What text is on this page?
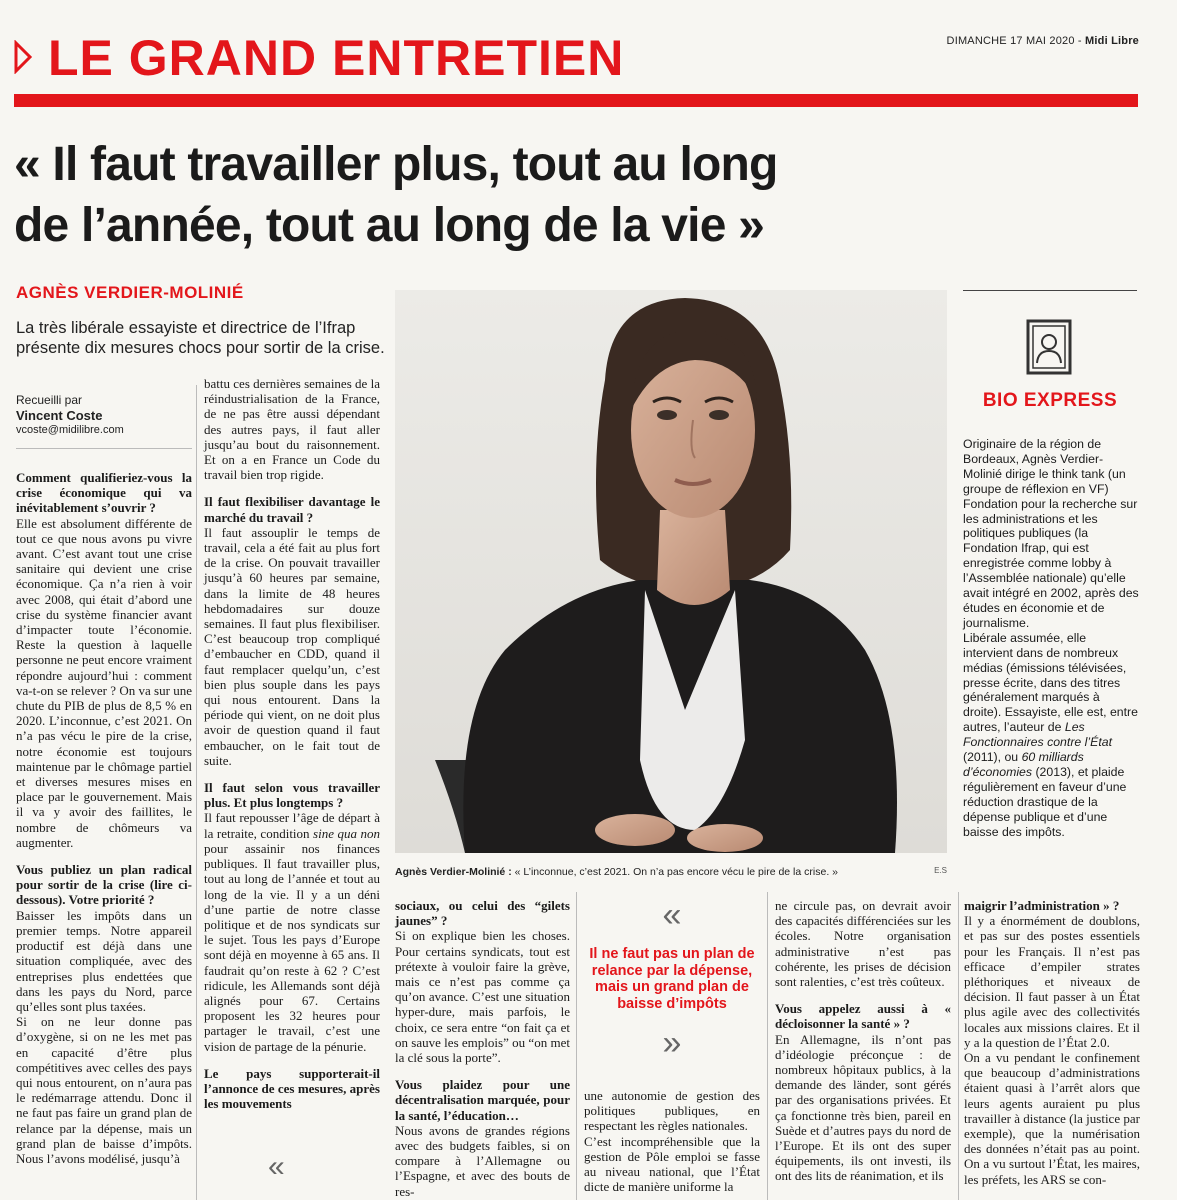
LE GRAND ENTRETIEN	DIMANCHE 17 MAI 2020 - Midi Libre
« Il faut travailler plus, tout au long
de l’année, tout au long de la vie »
AGNÈS VERDIER-MOLINIÉ
La très libérale essayiste et directrice de l’Ifrap présente dix mesures chocs pour sortir de la crise.
Recueilli par
Vincent Coste
vcoste@midilibre.com

Comment qualifieriez-vous la crise économique qui va inévitablement s’ouvrir ?

Elle est absolument différente de tout ce que nous avons pu vivre avant. C’est avant tout une crise sanitaire qui devient une crise économique. Ça n’a rien à voir avec 2008, qui était d’abord une crise du système financier avant d’impacter toute l’économie. Reste la question à laquelle personne ne peut encore vraiment répondre aujourd’hui : comment va-t-on se relever ? On va sur une chute du PIB de plus de 8,5 % en 2020. L’inconnue, c’est 2021. On n’a pas vécu le pire de la crise, notre économie est toujours maintenue par le chômage partiel et diverses mesures mises en place par le gouvernement. Mais il va y avoir des faillites, le nombre de chômeurs va augmenter.

Vous publiez un plan radical pour sortir de la crise (lire ci-dessous). Votre priorité ?

Baisser les impôts dans un premier temps. Notre appareil productif est déjà dans une situation compliquée, avec des entreprises plus endettées que dans les pays du Nord, parce qu’elles sont plus taxées.

Si on ne leur donne pas d’oxygène, si on ne les met pas en capacité d’être plus compétitives avec celles des pays qui nous entourent, on n’aura pas le redémarrage attendu. Donc il ne faut pas faire un grand plan de relance par la dépense, mais un grand plan de baisse d’impôts. Nous l’avons modélisé, jusqu’à

battu ces dernières semaines de la réindustrialisation de la France, de ne pas être aussi dépendant des autres pays, il faut aller jusqu’au bout du raisonnement. Et on a en France un Code du travail bien trop rigide.

Il faut flexibiliser davantage le marché du travail ?

Il faut assouplir le temps de travail, cela a été fait au plus fort de la crise. On pouvait travailler jusqu’à 60 heures par semaine, dans la limite de 48 heures hebdomadaires sur douze semaines. Il faut plus flexibiliser. C’est beaucoup trop compliqué d’embaucher en CDD, quand il faut remplacer quelqu’un, c’est bien plus souple dans les pays qui nous entourent. Dans la période qui vient, on ne doit plus avoir de question quand il faut embaucher, on le fait tout de suite.

Il faut selon vous travailler plus. Et plus longtemps ?

Il faut repousser l’âge de départ à la retraite, condition sine qua non pour assainir nos finances publiques. Il faut travailler plus, tout au long de l’année et tout au long de la vie. Il y a un déni d’une partie de notre classe politique et de nos syndicats sur le sujet. Tous les pays d’Europe sont déjà en moyenne à 65 ans. Il faudrait qu’on reste à 62 ? C’est ridicule, les Allemands sont déjà alignés pour 67. Certains proposent les 32 heures pour partager le travail, c’est une vision de partage de la pénurie.

Le pays supporterait-il l’annonce de ces mesures, après les mouvements

«
Agnès Verdier-Molinié : « L’inconnue, c’est 2021. On n’a pas encore vécu le pire de la crise. »	E.S
BIO EXPRESS
Originaire de la région de Bordeaux, Agnès Verdier-Molinié dirige le think tank (un groupe de réflexion en VF) Fondation pour la recherche sur les administrations et les politiques publiques (la Fondation Ifrap, qui est enregistrée comme lobby à l’Assemblée nationale) qu’elle avait intégré en 2002, après des études en économie et de journalisme.
Libérale assumée, elle intervient dans de nombreux médias (émissions télévisées, presse écrite, dans des titres généralement marqués à droite). Essayiste, elle est, entre autres, l’auteur de Les Fonctionnaires contre l’État (2011), ou 60 milliards d’économies (2013), et plaide régulièrement en faveur d’une réduction drastique de la dépense publique et d’une baisse des impôts.

sociaux, ou celui des “gilets jaunes” ?

Si on explique bien les choses. Pour certains syndicats, tout est prétexte à vouloir faire la grève, mais ce n’est pas comme ça qu’on avance. C’est une situation hyper-dure, mais parfois, le choix, ce sera entre “on fait ça et on sauve les emplois” ou “on met la clé sous la porte”.

Vous plaidez pour une décentralisation marquée, pour la santé, l’éducation…

Nous avons de grandes régions avec des budgets faibles, si on compare à l’Allemagne ou l’Espagne, et avec des bouts de res-

«
Il ne faut pas un plan de relance par la dépense, mais un grand plan de baisse d’impôts
»

une autonomie de gestion des politiques publiques, en respectant les règles nationales.

C’est incompréhensible que la gestion de Pôle emploi se fasse au niveau national, que l’État dicte de manière uniforme la

ne circule pas, on devrait avoir des capacités différenciées sur les écoles. Notre organisation administrative n’est pas cohérente, les prises de décision sont ralenties, c’est très coûteux.

Vous appelez aussi à « décloisonner la santé » ?

En Allemagne, ils n’ont pas d’idéologie préconçue : de nombreux hôpitaux publics, à la demande des länder, sont gérés par des organisations privées. Et ça fonctionne très bien, pareil en Suède et d’autres pays du nord de l’Europe. Et ils ont des super équipements, ils ont investi, ils ont des lits de réanimation, et ils

maigrir l’administration » ?

Il y a énormément de doublons, et pas sur des postes essentiels pour les Français. Il n’est pas efficace d’empiler strates pléthoriques et niveaux de décision. Il faut passer à un État plus agile avec des collectivités locales aux missions claires. Et il y a la question de l’État 2.0.

On a vu pendant le confinement que beaucoup d’administrations étaient quasi à l’arrêt alors que leurs agents auraient pu plus travailler à distance (la justice par exemple), que la numérisation des données n’était pas au point. On a vu surtout l’État, les maires, les préfets, les ARS se con-
